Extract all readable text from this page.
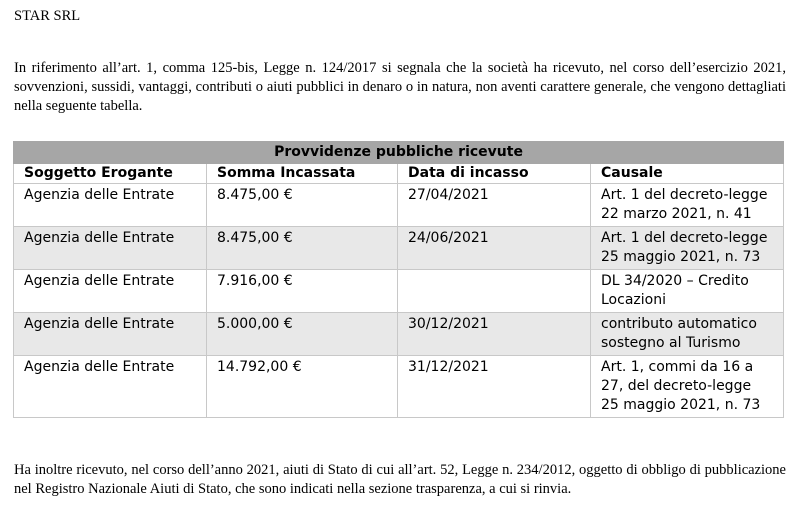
STAR SRL
In riferimento all’art. 1, comma 125-bis, Legge n. 124/2017 si segnala che la società ha ricevuto, nel corso dell’esercizio 2021, sovvenzioni, sussidi, vantaggi, contributi o aiuti pubblici in denaro o in natura, non aventi carattere generale, che vengono dettagliati nella seguente tabella.
Provvidenze pubbliche ricevute			
Soggetto Erogante	Somma Incassata	Data di incasso	Causale
Agenzia delle Entrate	8.475,00 €	27/04/2021	Art. 1 del decreto-legge 22 marzo 2021, n. 41
Agenzia delle Entrate	8.475,00 €	24/06/2021	Art. 1 del decreto-legge 25 maggio 2021, n. 73
Agenzia delle Entrate	7.916,00 €		DL 34/2020 – Credito Locazioni
Agenzia delle Entrate	5.000,00 €	30/12/2021	contributo automatico sostegno al Turismo
Agenzia delle Entrate	14.792,00 €	31/12/2021	Art. 1, commi da 16 a 27, del decreto-legge 25 maggio 2021, n. 73
Ha inoltre ricevuto, nel corso dell’anno 2021, aiuti di Stato di cui all’art. 52, Legge n. 234/2012, oggetto di obbligo di pubblicazione nel Registro Nazionale Aiuti di Stato, che sono indicati nella sezione trasparenza, a cui si rinvia.
